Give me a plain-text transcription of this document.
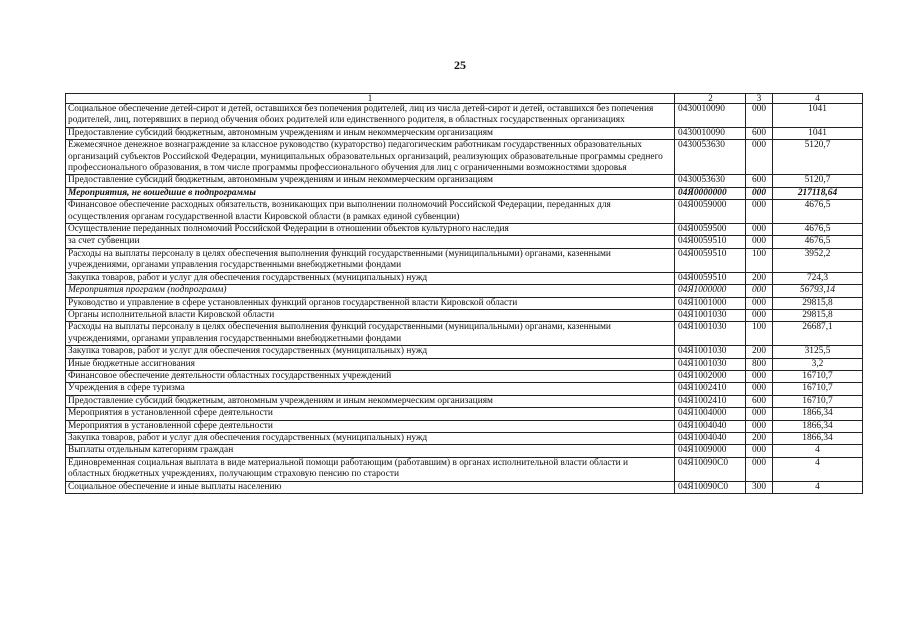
25
1	2	3	4
Социальное обеспечение детей-сирот и детей, оставшихся без попечения родителей, лиц из числа детей-сирот и детей, оставшихся без попечения родителей, лиц, потерявших в период обучения обоих родителей или единственного родителя, в областных государственных организациях	0430010090	000	1041
Предоставление субсидий бюджетным, автономным учреждениям и иным некоммерческим организациям	0430010090	600	1041
Ежемесячное денежное вознаграждение за классное руководство (кураторство) педагогическим работникам государственных образовательных организаций субъектов Российской Федерации, муниципальных образовательных организаций, реализующих образовательные программы среднего профессионального образования, в том числе программы профессионального обучения для лиц с ограниченными возможностями здоровья	0430053630	000	5120,7
Предоставление субсидий бюджетным, автономным учреждениям и иным некоммерческим организациям	0430053630	600	5120,7
Мероприятия, не вошедшие в подпрограммы	04Я0000000	000	217118,64
Финансовое обеспечение расходных обязательств, возникающих при выполнении полномочий Российской Федерации, переданных для осуществления органам государственной власти Кировской области (в рамках единой субвенции)	04Я0059000	000	4676,5
Осуществление переданных полномочий Российской Федерации в отношении объектов культурного наследия	04Я0059500	000	4676,5
за счет субвенции	04Я0059510	000	4676,5
Расходы на выплаты персоналу в целях обеспечения выполнения функций государственными (муниципальными) органами, казенными учреждениями, органами управления государственными внебюджетными фондами	04Я0059510	100	3952,2
Закупка товаров, работ и услуг для обеспечения государственных (муниципальных) нужд	04Я0059510	200	724,3
Мероприятия программ (подпрограмм)	04Я1000000	000	56793,14
Руководство и управление в сфере установленных функций органов государственной власти Кировской области	04Я1001000	000	29815,8
Органы исполнительной власти Кировской области	04Я1001030	000	29815,8
Расходы на выплаты персоналу в целях обеспечения выполнения функций государственными (муниципальными) органами, казенными учреждениями, органами управления государственными внебюджетными фондами	04Я1001030	100	26687,1
Закупка товаров, работ и услуг для обеспечения государственных (муниципальных) нужд	04Я1001030	200	3125,5
Иные бюджетные ассигнования	04Я1001030	800	3,2
Финансовое обеспечение деятельности областных государственных учреждений	04Я1002000	000	16710,7
Учреждения в сфере туризма	04Я1002410	000	16710,7
Предоставление субсидий бюджетным, автономным учреждениям и иным некоммерческим организациям	04Я1002410	600	16710,7
Мероприятия в установленной сфере деятельности	04Я1004000	000	1866,34
Мероприятия в установленной сфере деятельности	04Я1004040	000	1866,34
Закупка товаров, работ и услуг для обеспечения государственных (муниципальных) нужд	04Я1004040	200	1866,34
Выплаты отдельным категориям граждан	04Я1009000	000	4
Единовременная социальная выплата в виде материальной помощи работающим (работавшим) в органах исполнительной власти области и областных бюджетных учреждениях, получающим страховую пенсию по старости	04Я10090С0	000	4
Социальное обеспечение и иные выплаты населению	04Я10090С0	300	4
